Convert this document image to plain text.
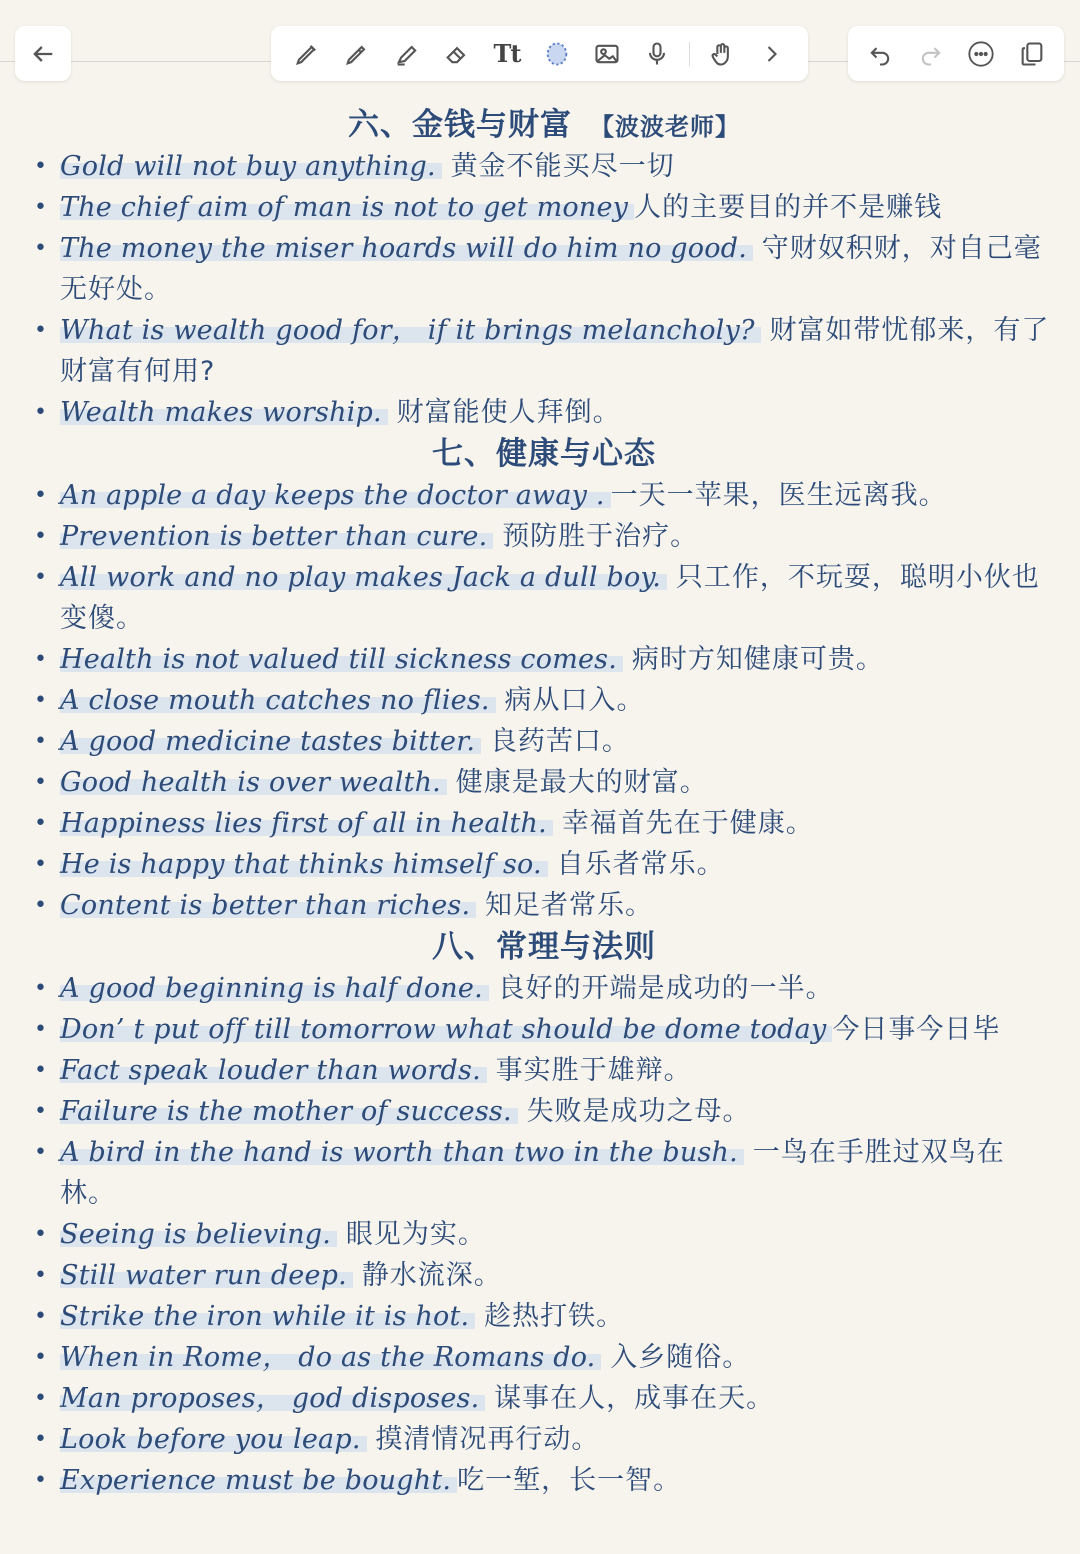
Tt
六、金钱与财富 【波波老师】
• Gold will not buy anything. 黄金不能买尽一切
• The chief aim of man is not to get money 人的主要目的并不是赚钱
• The money the miser hoards will do him no good. 守财奴积财，对自己毫无好处。
• What is wealth good for， if it brings melancholy? 财富如带忧郁来，有了财富有何用?
• Wealth makes worship. 财富能使人拜倒。
七、健康与心态
• An apple a day keeps the doctor away . 一天一苹果，医生远离我。
• Prevention is better than cure. 预防胜于治疗。
• All work and no play makes Jack a dull boy. 只工作，不玩耍，聪明小伙也变傻。
• Health is not valued till sickness comes. 病时方知健康可贵。
• A close mouth catches no flies. 病从口入。
• A good medicine tastes bitter. 良药苦口。
• Good health is over wealth. 健康是最大的财富。
• Happiness lies first of all in health. 幸福首先在于健康。
• He is happy that thinks himself so. 自乐者常乐。
• Content is better than riches. 知足者常乐。
八、常理与法则
• A good beginning is half done. 良好的开端是成功的一半。
• Don’ t put off till tomorrow what should be dome today 今日事今日毕
• Fact speak louder than words. 事实胜于雄辩。
• Failure is the mother of success. 失败是成功之母。
• A bird in the hand is worth than two in the bush. 一鸟在手胜过双鸟在林。
• Seeing is believing. 眼见为实。
• Still water run deep. 静水流深。
• Strike the iron while it is hot. 趁热打铁。
• When in Rome， do as the Romans do. 入乡随俗。
• Man proposes， god disposes. 谋事在人，成事在天。
• Look before you leap. 摸清情况再行动。
• Experience must be bought. 吃一堑，长一智。
